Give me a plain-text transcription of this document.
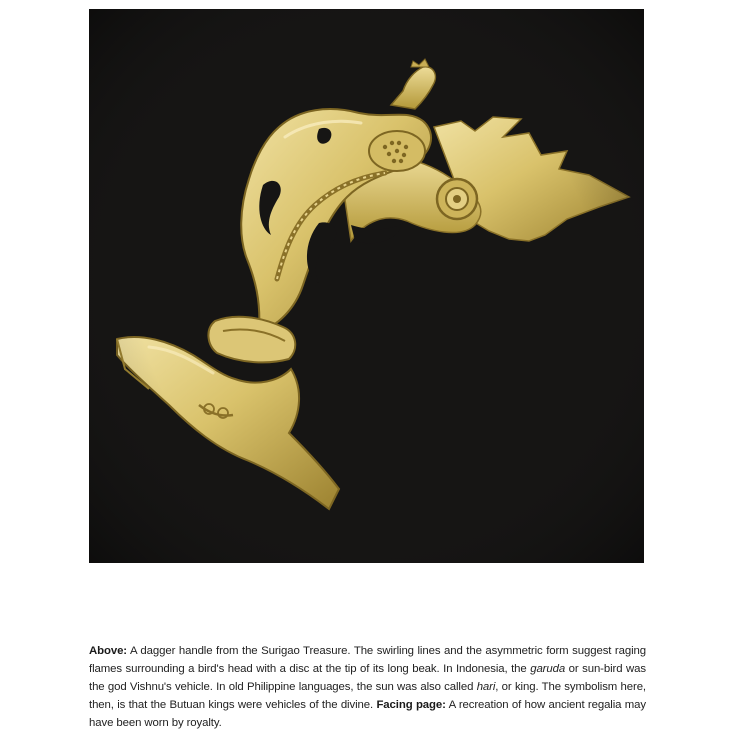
Above: A dagger handle from the Surigao Treasure. The swirling lines and the asymmetric form suggest raging flames surrounding a bird's head with a disc at the tip of its long beak. In Indonesia, the garuda or sun-bird was the god Vishnu's vehicle. In old Philippine languages, the sun was also called hari, or king. The symbolism here, then, is that the Butuan kings were vehicles of the divine. Facing page: A recreation of how ancient regalia may have been worn by royalty.
